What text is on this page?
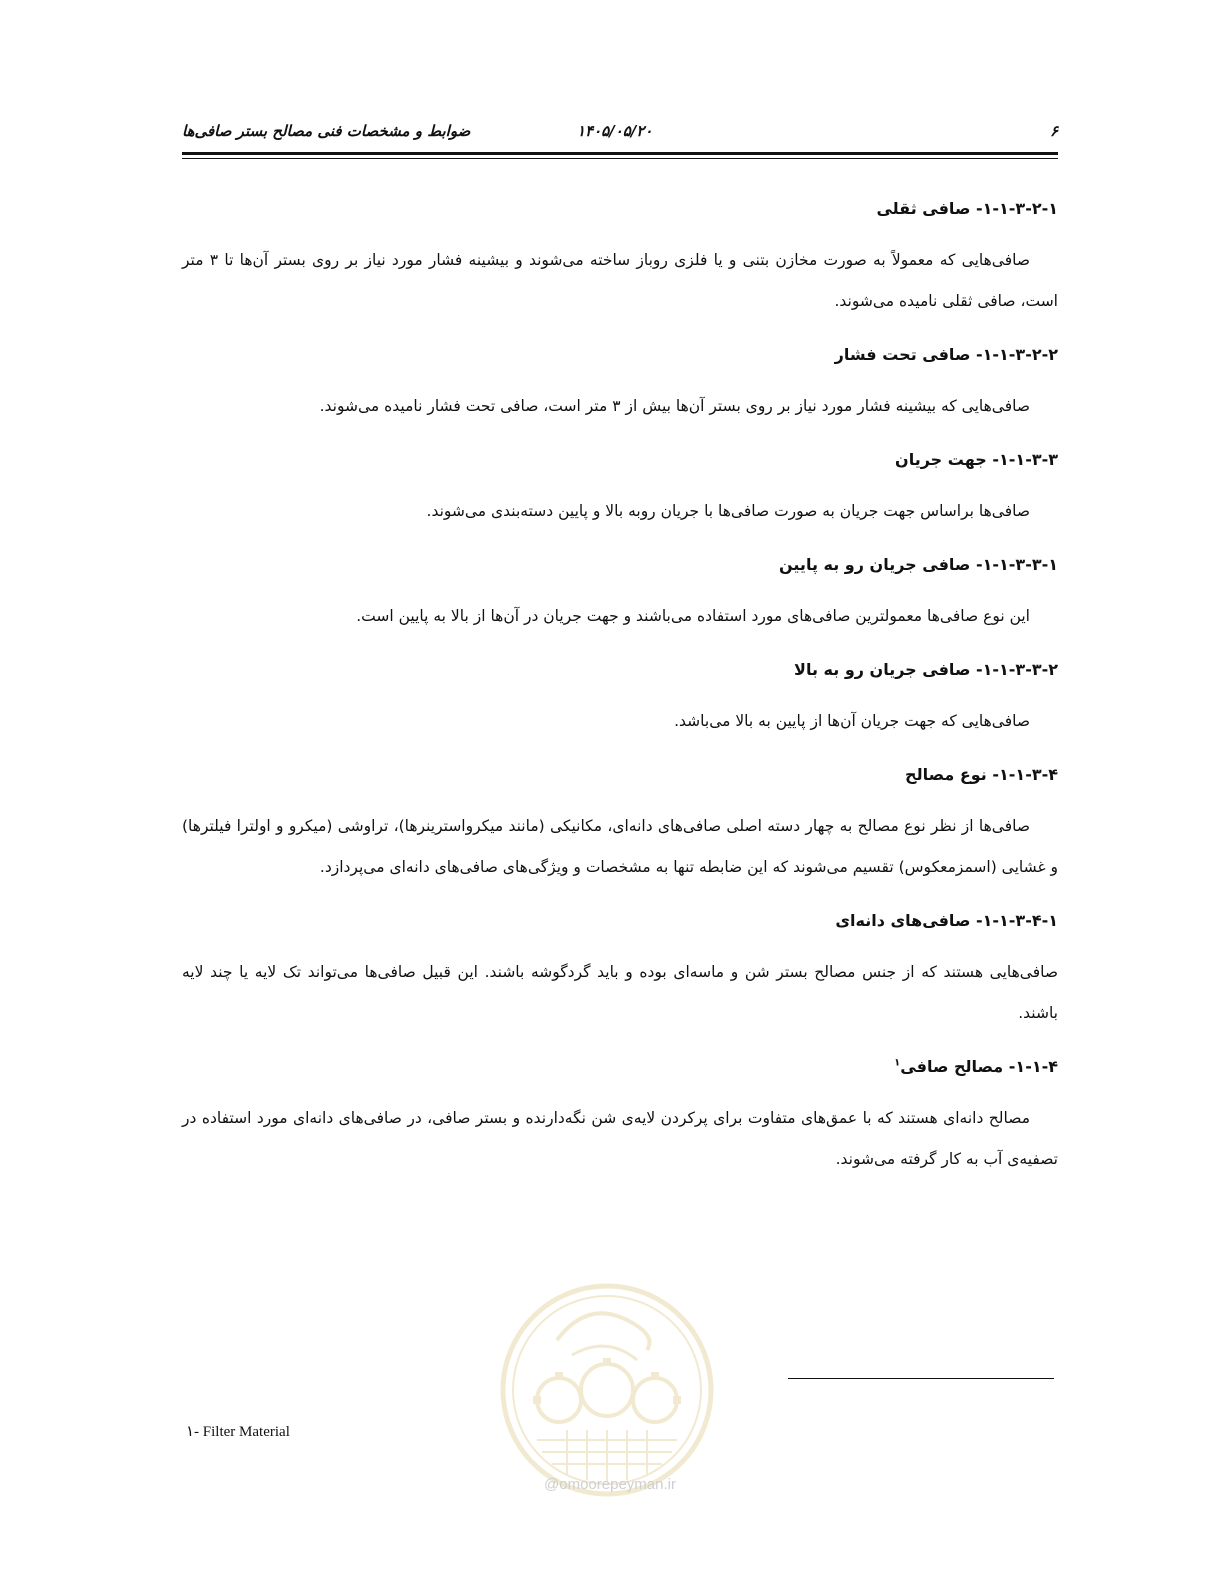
۶
۱۴۰۵/۰۵/۲۰
ضوابط و مشخصات فنی مصالح بستر صافی‌ها
۱-۱-۳-۲-۱- صافی ثقلی

صافی‌هایی که معمولاً به صورت مخازن بتنی و یا فلزی روباز ساخته می‌شوند و بیشینه فشار مورد نیاز بر روی بستر آن‌ها تا ۳ متر است، صافی ثقلی نامیده می‌شوند.

۱-۱-۳-۲-۲- صافی تحت فشار

صافی‌هایی که بیشینه فشار مورد نیاز بر روی بستر آن‌ها بیش از ۳ متر است، صافی تحت فشار نامیده می‌شوند.

۱-۱-۳-۳- جهت جریان

صافی‌ها براساس جهت جریان به صورت صافی‌ها با جریان روبه بالا و پایین دسته‌بندی می‌شوند.

۱-۱-۳-۳-۱- صافی جریان رو به پایین

این نوع صافی‌ها معمولترین صافی‌های مورد استفاده می‌باشند و جهت جریان در آن‌ها از بالا به پایین است.

۱-۱-۳-۳-۲- صافی جریان رو به بالا

صافی‌هایی که جهت جریان آن‌ها از پایین به بالا می‌باشد.

۱-۱-۳-۴- نوع مصالح

صافی‌ها از نظر نوع مصالح به چهار دسته اصلی صافی‌های دانه‌ای، مکانیکی (مانند میکرواسترینرها)، تراوشی (میکرو و اولترا فیلترها) و غشایی (اسمزمعکوس) تقسیم می‌شوند که این ضابطه تنها به مشخصات و ویژگی‌های صافی‌های دانه‌ای می‌پردازد.

۱-۱-۳-۴-۱- صافی‌های دانه‌ای

صافی‌هایی هستند که از جنس مصالح بستر شن و ماسه‌ای بوده و باید گردگوشه باشند. این قبیل صافی‌ها می‌تواند تک لایه یا چند لایه باشند.

۱-۱-۴- مصالح صافی$^۱$

مصالح دانه‌ای هستند که با عمق‌های متفاوت برای پرکردن لایه‌ی شن نگه‌دارنده و بستر صافی، در صافی‌های دانه‌ای مورد استفاده در تصفیه‌ی آب به کار گرفته می‌شوند.

@omoorepeyman.ir
۱- Filter Material
